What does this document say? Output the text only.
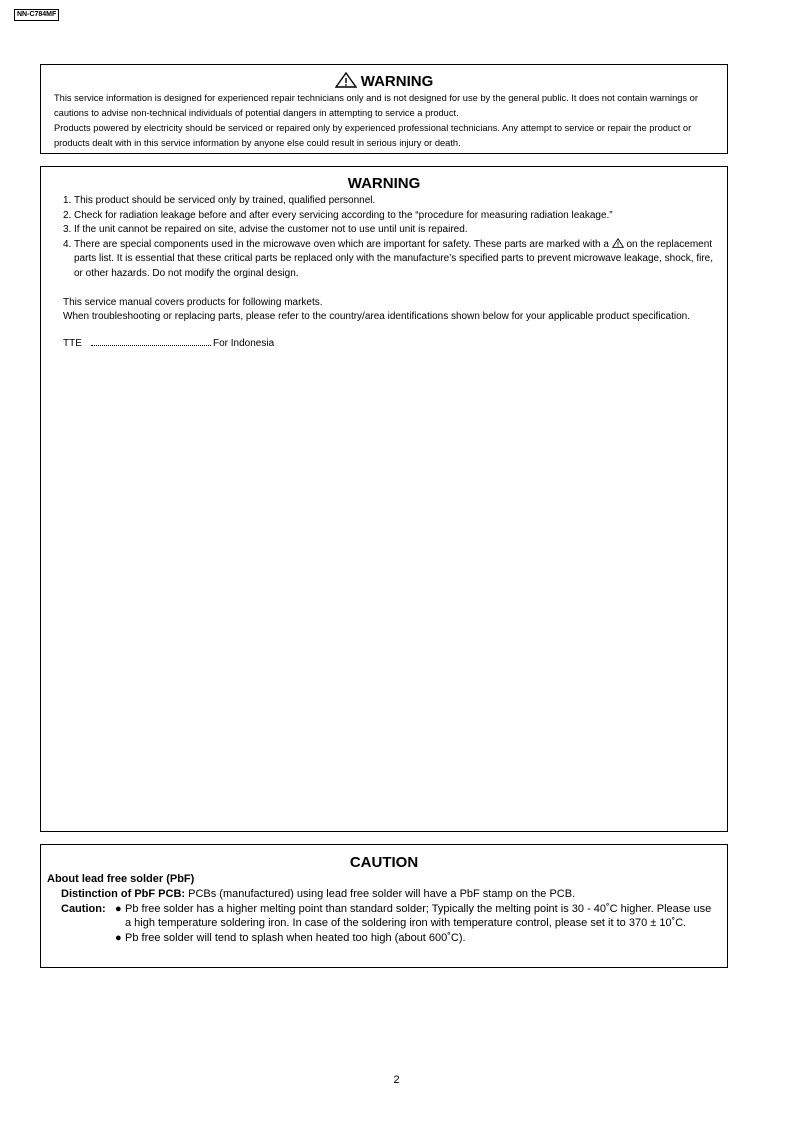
NN-C784MF
WARNING
This service information is designed for experienced repair technicians only and is not designed for use by the general public. It does not contain warnings or cautions to advise non-technical individuals of potential dangers in attempting to service a product.
Products powered by electricity should be serviced or repaired only by experienced professional technicians. Any attempt to service or repair the product or products dealt with in this service information by anyone else could result in serious injury or death.
WARNING
1. This product should be serviced only by trained, qualified personnel.
2. Check for radiation leakage before and after every servicing according to the “procedure for measuring radiation leakage.”
3. If the unit cannot be repaired on site, advise the customer not to use until unit is repaired.
4. There are special components used in the microwave oven which are important for safety. These parts are marked with a on the replacement parts list. It is essential that these critical parts be replaced only with the manufacture’s specified parts to prevent microwave leakage, shock, fire, or other hazards. Do not modify the orginal design.
This service manual covers products for following markets.
When troubleshooting or replacing parts, please refer to the country/area identifications shown below for your applicable product specification.
TTE	For Indonesia
CAUTION
About lead free solder (PbF)
Distinction of PbF PCB: PCBs (manufactured) using lead free solder will have a PbF stamp on the PCB.
Caution: ● Pb free solder has a higher melting point than standard solder; Typically the melting point is 30 - 40˚C higher. Please use a high temperature soldering iron. In case of the soldering iron with temperature control, please set it to 370 ± 10˚C.
● Pb free solder will tend to splash when heated too high (about 600˚C).
2
